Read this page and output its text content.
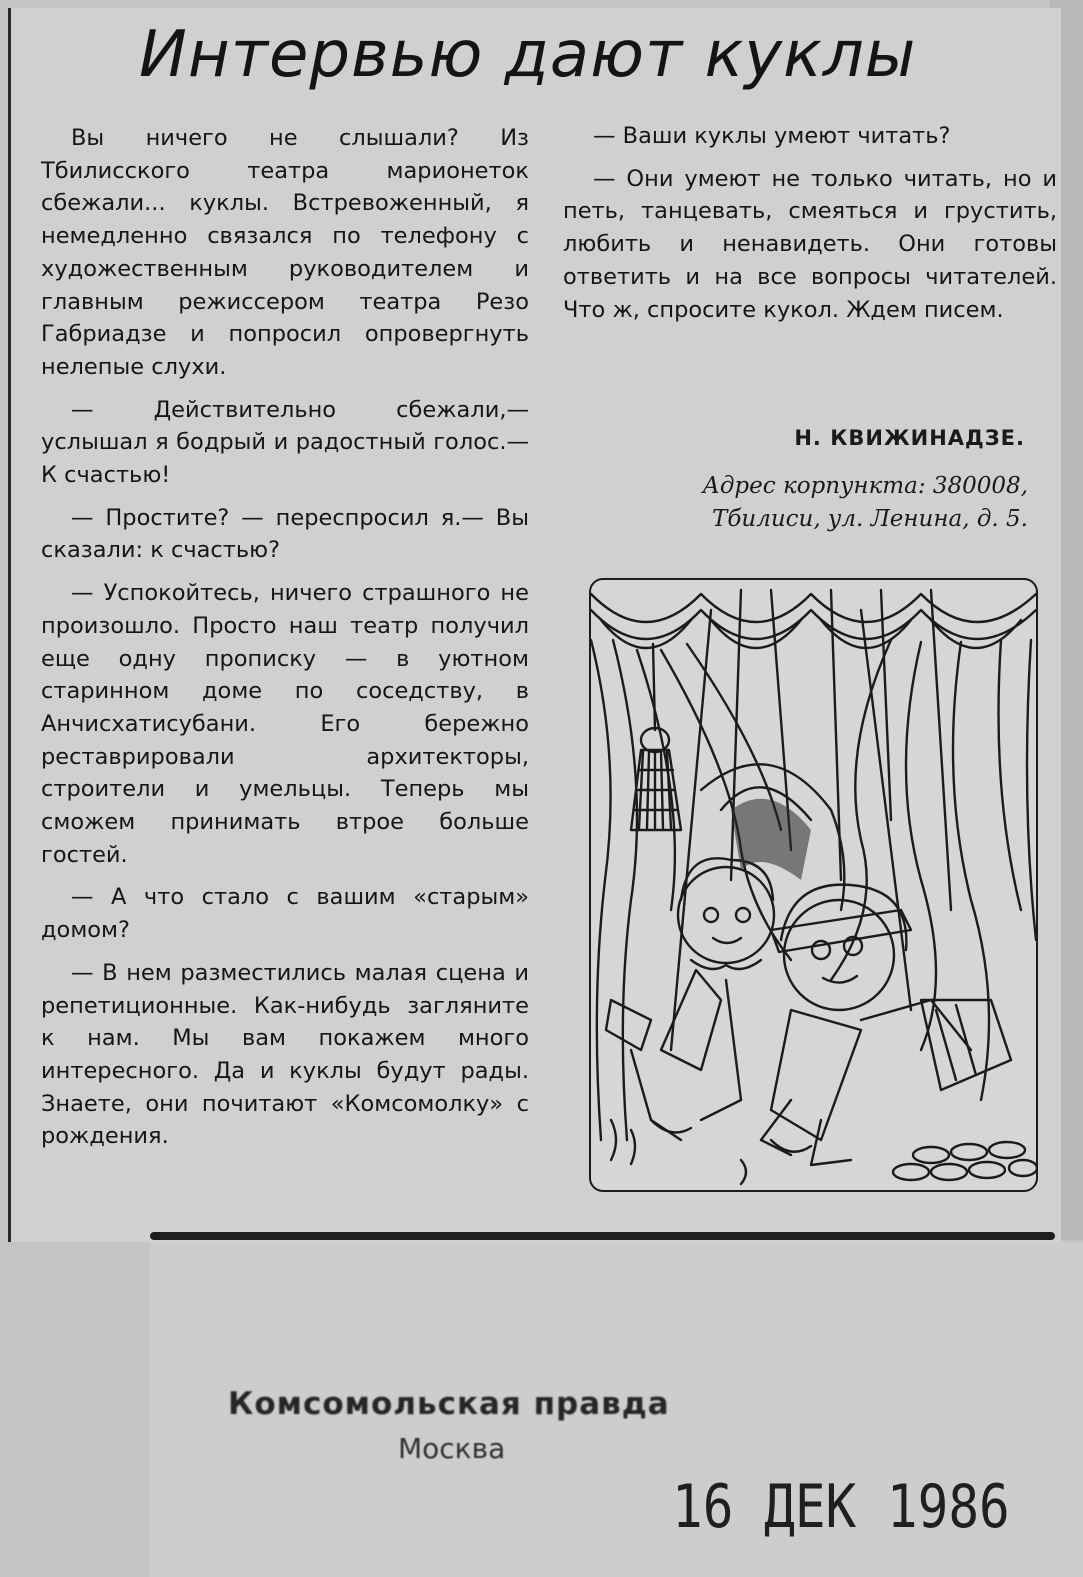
Интервью дают куклы

Вы ничего не слышали? Из Тбилисского театра марионеток сбежали... куклы. Встревоженный, я немедленно связался по телефону с художественным руководителем и главным режиссером театра Резо Габриадзе и попросил опровергнуть нелепые слухи.

— Действительно сбежали,— услышал я бодрый и радостный голос.— К счастью!

— Простите? — переспросил я.— Вы сказали: к счастью?

— Успокойтесь, ничего страшного не произошло. Просто наш театр получил еще одну прописку — в уютном старинном доме по соседству, в Анчисхатисубани. Его бережно реставрировали архитекторы, строители и умельцы. Теперь мы сможем принимать втрое больше гостей.

— А что стало с вашим «старым» домом?

— В нем разместились малая сцена и репетиционные. Как-нибудь загляните к нам. Мы вам покажем много интересного. Да и куклы будут рады. Знаете, они почитают «Комсомолку» с рождения.

— Ваши куклы умеют читать?

— Они умеют не только читать, но и петь, танцевать, смеяться и грустить, любить и ненавидеть. Они готовы ответить и на все вопросы читателей. Что ж, спросите кукол. Ждем писем.

Н. КВИЖИНАДЗЕ.
Адрес корпункта: 380008,
Тбилиси, ул. Ленина, д. 5.
Комсомольская правда
Москва
16 ДЕК 1986
